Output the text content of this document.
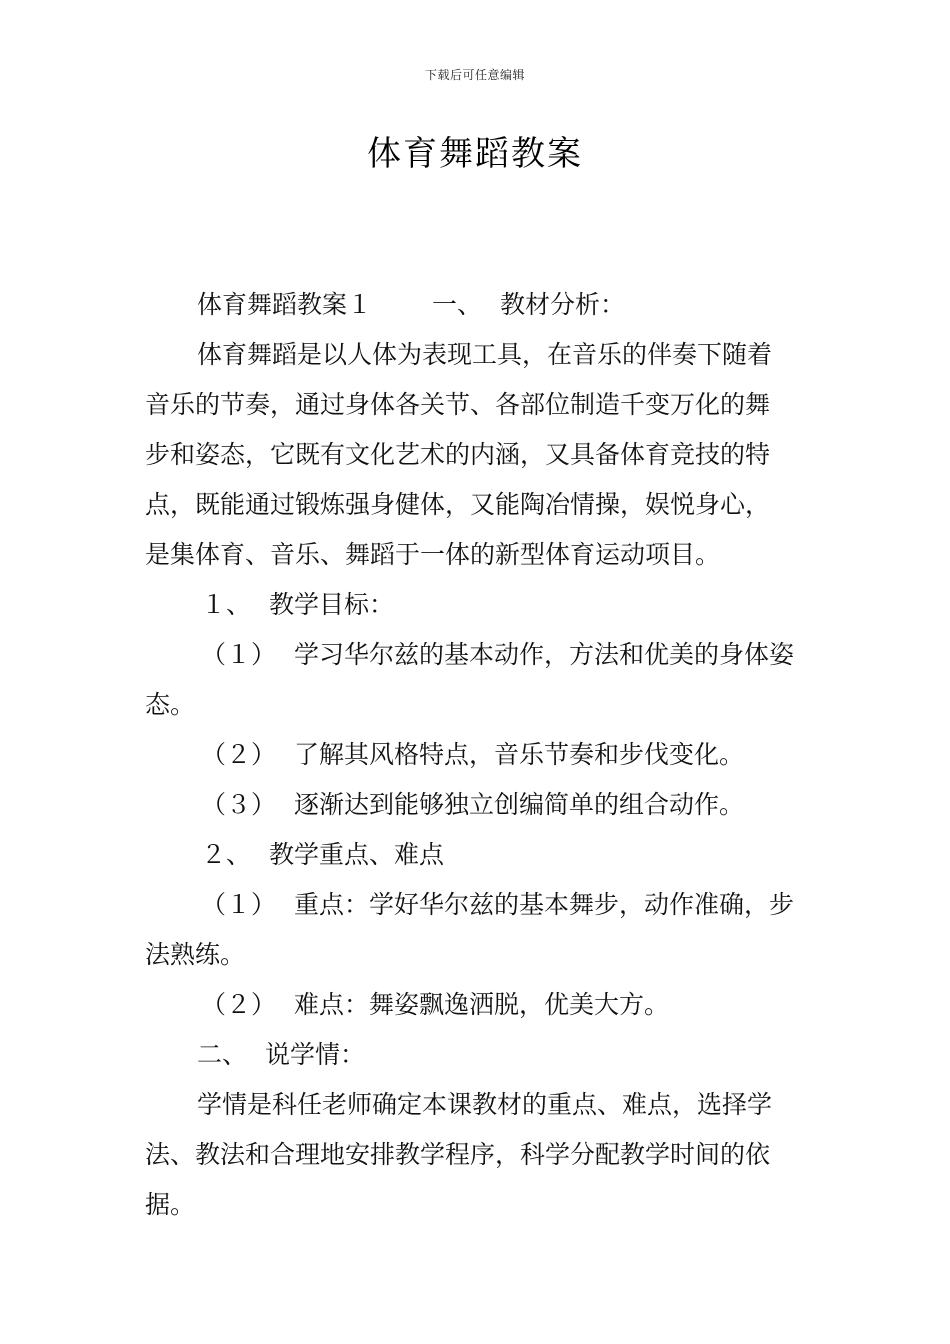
下载后可任意编辑
体育舞蹈教案
体育舞蹈教案１ 一、 教材分析：
体育舞蹈是以人体为表现工具，在音乐的伴奏下随着
音乐的节奏，通过身体各关节、各部位制造千变万化的舞
步和姿态，它既有文化艺术的内涵，又具备体育竞技的特
点，既能通过锻炼强身健体，又能陶冶情操，娱悦身心，
是集体育、音乐、舞蹈于一体的新型体育运动项目。
１、 教学目标：
（１） 学习华尔兹的基本动作，方法和优美的身体姿
态。
（２） 了解其风格特点，音乐节奏和步伐变化。
（３） 逐渐达到能够独立创编简单的组合动作。
２、 教学重点、难点
（１） 重点：学好华尔兹的基本舞步，动作准确，步
法熟练。
（２） 难点：舞姿飘逸洒脱，优美大方。
二、 说学情：
学情是科任老师确定本课教材的重点、难点，选择学
法、教法和合理地安排教学程序，科学分配教学时间的依
据。
